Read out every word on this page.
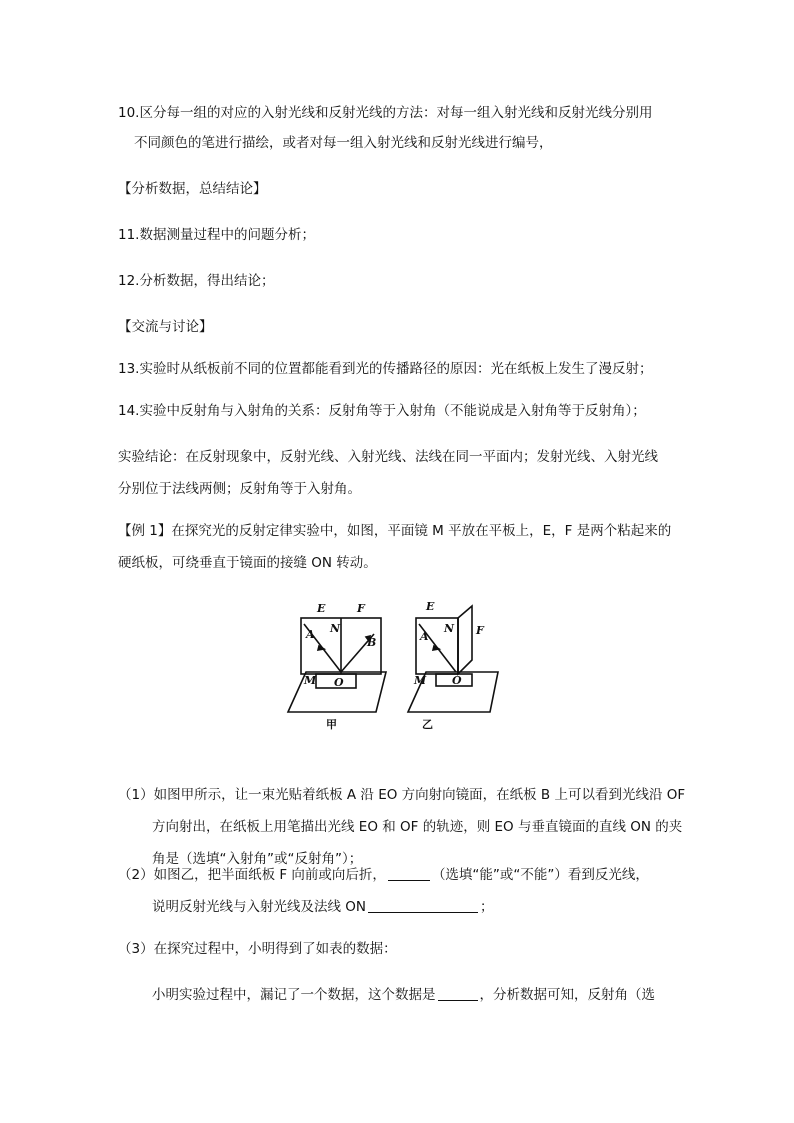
10.区分每一组的对应的入射光线和反射光线的方法：对每一组入射光线和反射光线分别用
不同颜色的笔进行描绘，或者对每一组入射光线和反射光线进行编号，
【分析数据，总结结论】
11.数据测量过程中的问题分析；
12.分析数据，得出结论；
【交流与讨论】
13.实验时从纸板前不同的位置都能看到光的传播路径的原因：光在纸板上发生了漫反射；
14.实验中反射角与入射角的关系：反射角等于入射角（不能说成是入射角等于反射角）；
实验结论：在反射现象中，反射光线、入射光线、法线在同一平面内；发射光线、入射光线
分别位于法线两侧；反射角等于入射角。
【例 1】在探究光的反射定律实验中，如图，平面镜 M 平放在平板上，E，F 是两个粘起来的
硬纸板，可绕垂直于镜面的接缝 ON 转动。
E	F
N
A
B
M O
甲
E
N F
A
M O
乙
（1）如图甲所示，让一束光贴着纸板 A 沿 EO 方向射向镜面，在纸板 B 上可以看到光线沿 OF
方向射出，在纸板上用笔描出光线 EO 和 OF 的轨迹，则 EO 与垂直镜面的直线 ON 的夹
角是（选填“入射角”或“反射角”）；
（2）如图乙，把半面纸板 F 向前或向后折，	（选填“能”或“不能”）看到反光线，
说明反射光线与入射光线及法线 ON	；
（3）在探究过程中，小明得到了如表的数据：
小明实验过程中，漏记了一个数据，这个数据是	，分析数据可知，反射角（选
